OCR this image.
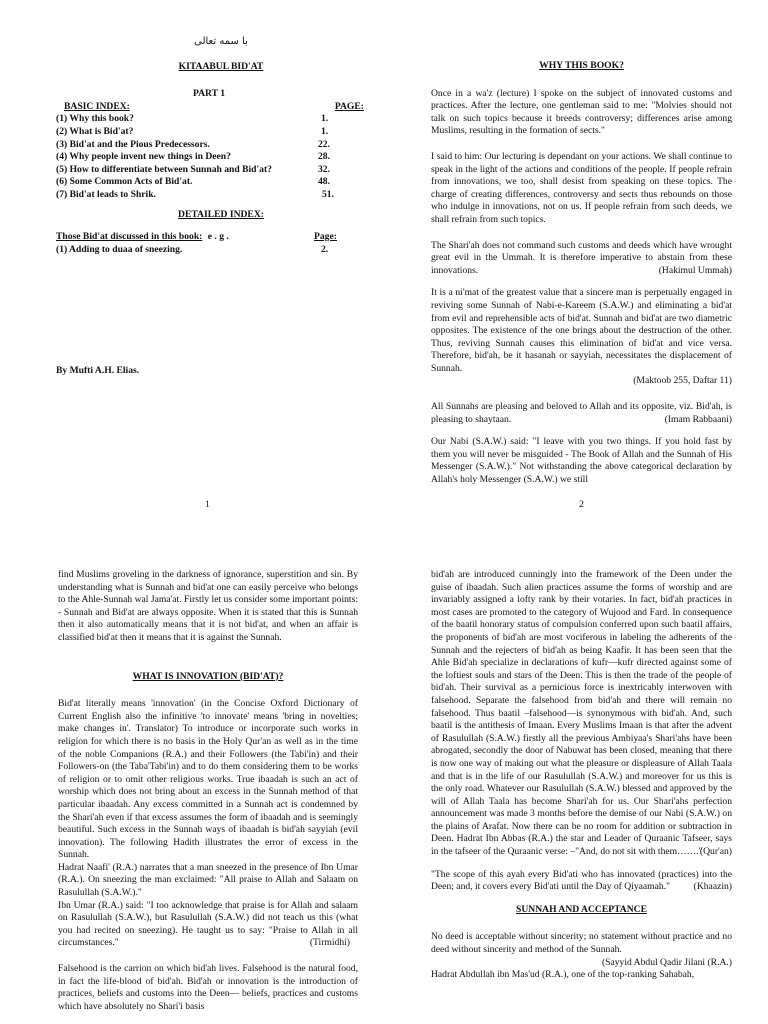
با سمه تعالی
KITAABUL BID'AT
PART 1
BASIC INDEX:	PAGE:
(1) Why this book?	1.
(2) What is Bid'at?	1.
(3) Bid'at and the Pious Predecessors.	22.
(4) Why people invent new things in Deen?	28.
(5) How to differentiate between Sunnah and Bid'at?	32.
(6) Some Common Acts of Bid'at.	48.
(7) Bid'at leads to Shrik.	51.
DETAILED INDEX:
Those Bid'at discussed in this book: e . g .	Page:
(1) Adding to duaa of sneezing.	2.
By Mufti A.H. Elias.
1
WHY THIS BOOK?

Once in a wa'z (lecture) I spoke on the subject of innovated customs and practices. After the lecture, one gentleman said to me: "Molvies should not talk on such topics because it breeds controversy; differences arise among Muslims, resulting in the formation of sects."

I said to him: Our lecturing is dependant on your actions. We shall continue to speak in the light of the actions and conditions of the people. If people refrain from innovations, we too, shall desist from speaking on these topics. The charge of creating differences, controversy and sects thus rebounds on those who indulge in innovations, not on us. If people refrain from such deeds, we shall refrain from such topics.

The Shari'ah does not command such customs and deeds which have wrought great evil in the Ummah. It is therefore imperative to abstain from these innovations.	(Hakimul Ummah)

It is a ni'mat of the greatest value that a sincere man is perpetually engaged in reviving some Sunnah of Nabi-e-Kareem (S.A.W.) and eliminating a bid'at from evil and reprehensible acts of bid'at. Sunnah and bid'at are two diametric opposites. The existence of the one brings about the destruction of the other. Thus, reviving Sunnah causes this elimination of bid'at and vice versa. Therefore, bid'ah, be it hasanah or sayyiah, necessitates the displacement of Sunnah.

(Maktoob 255, Daftar 11)

All Sunnahs are pleasing and beloved to Allah and its opposite, viz. Bid'ah, is pleasing to shaytaan.	(Imam Rabbaani)

Our Nabi (S.A.W.) said: "I leave with you two things. If you hold fast by them you will never be misguided - The Book of Allah and the Sunnah of His Messenger (S.A.W.)." Not withstanding the above categorical declaration by Allah's holy Messenger (S.A.W.) we still

2

find Muslims groveling in the darkness of ignorance, superstition and sin. By understanding what is Sunnah and bid'at one can easily perceive who belongs to the Ahle-Sunnah wal Jama'at. Firstly let us consider some important points: - Sunnah and Bid'at are always opposite. When it is stated that this is Sunnah then it also automatically means that it is not bid'at, and when an affair is classified bid'at then it means that it is against the Sunnah.

WHAT IS INNOVATION (BID'AT)?

Bid'at literally means 'innovation' (in the Concise Oxford Dictionary of Current English also the infinitive 'to innovate' means 'bring in novelties; make changes in'. Translator) To introduce or incorporate such works in religion for which there is no basis in the Holy Qur'an as well as in the time of the noble Companions (R.A.) and their Followers (the Tabi'in) and their Followers-on (the Taba'Tabi'in) and to do them considering them to be works of religion or to omit other religious works. True ibaadah is such an act of worship which does not bring about an excess in the Sunnah method of that particular ibaadah. Any excess committed in a Sunnah act is condemned by the Shari'ah even if that excess assumes the form of ibaadah and is seemingly beautiful. Such excess in the Sunnah ways of ibaadah is bid'ah sayyiah (evil innovation). The following Hadith illustrates the error of excess in the Sunnah.

Hadrat Naafi' (R.A.) narrates that a man sneezed in the presence of Ibn Umar (R.A.). On sneezing the man exclaimed: "All praise to Allah and Salaam on Rasulullah (S.A.W.)."

Ibn Umar (R.A.) said: "I too acknowledge that praise is for Allah and salaam on Rasulullah (S.A.W.), but Rasulullah (S.A.W.) did not teach us this (what you had recited on sneezing). He taught us to say: "Praise to Allah in all circumstances."	(Tirmidhi)

Falsehood is the carrion on which bid'ah lives. Falsehood is the natural food, in fact the life-blood of bid'ah. Bid'ah or innovation is the introduction of practices, beliefs and customs into the Deen— beliefs, practices and customs which have absolutely no Shari'i basis

bid'ah are introduced cunningly into the framework of the Deen under the guise of ibaadah. Such alien practices assume the forms of worship and are invariably assigned a lofty rank by their votaries. In fact, bid'ah practices in most cases are promoted to the category of Wujood and Fard. In consequence of the baatil honorary status of compulsion conferred upon such baatil affairs, the proponents of bid'ah are most vociferous in labeling the adherents of the Sunnah and the rejecters of bid'ah as being Kaafir. It has been seen that the Ahle Bid'ah specialize in declarations of kufr—kufr directed against some of the loftiest souls and stars of the Deen. This is then the trade of the people of bid'ah. Their survival as a pernicious force is inextricably interwoven with falsehood. Separate the falsehood from bid'ah and there will remain no falsehood. Thus baatil –falsehood—is synonymous with bid'ah. And, such baatil is the antithesis of Imaan. Every Muslims Imaan is that after the advent of Rasulullah (S.A.W.) firstly all the previous Ambiyaa's Shari'ahs have been abrogated, secondly the door of Nabuwat has been closed, meaning that there is now one way of making out what the pleasure or displeasure of Allah Taala and that is in the life of our Rasulullah (S.A.W.) and moreover for us this is the only road. Whatever our Rasulullah (S.A.W.) blessed and approved by the will of Allah Taala has become Shari'ah for us. Our Shari'ahs perfection announcement was made 3 months before the demise of our Nabi (S.A.W.) on the plains of Arafat. Now there can be no room for addition or subtraction in Deen. Hadrat Ibn Abbas (R.A.) the star and Leader of Quraanic Tafseer, says in the tafseer of the Quraanic verse: –"And, do not sit with them……."

(Qur'an)

"The scope of this ayah every Bid'ati who has innovated (practices) into the Deen; and, it covers every Bid'ati until the Day of Qiyaamah."	(Khaazin)
SUNNAH AND ACCEPTANCE

No deed is acceptable without sincerity; no statement without practice and no deed without sincerity and method of the Sunnah.

(Sayyid Abdul Qadir Jilani (R.A.)

Hadrat Abdullah ibn Mas'ud (R.A.), one of the top-ranking Sahabah,
